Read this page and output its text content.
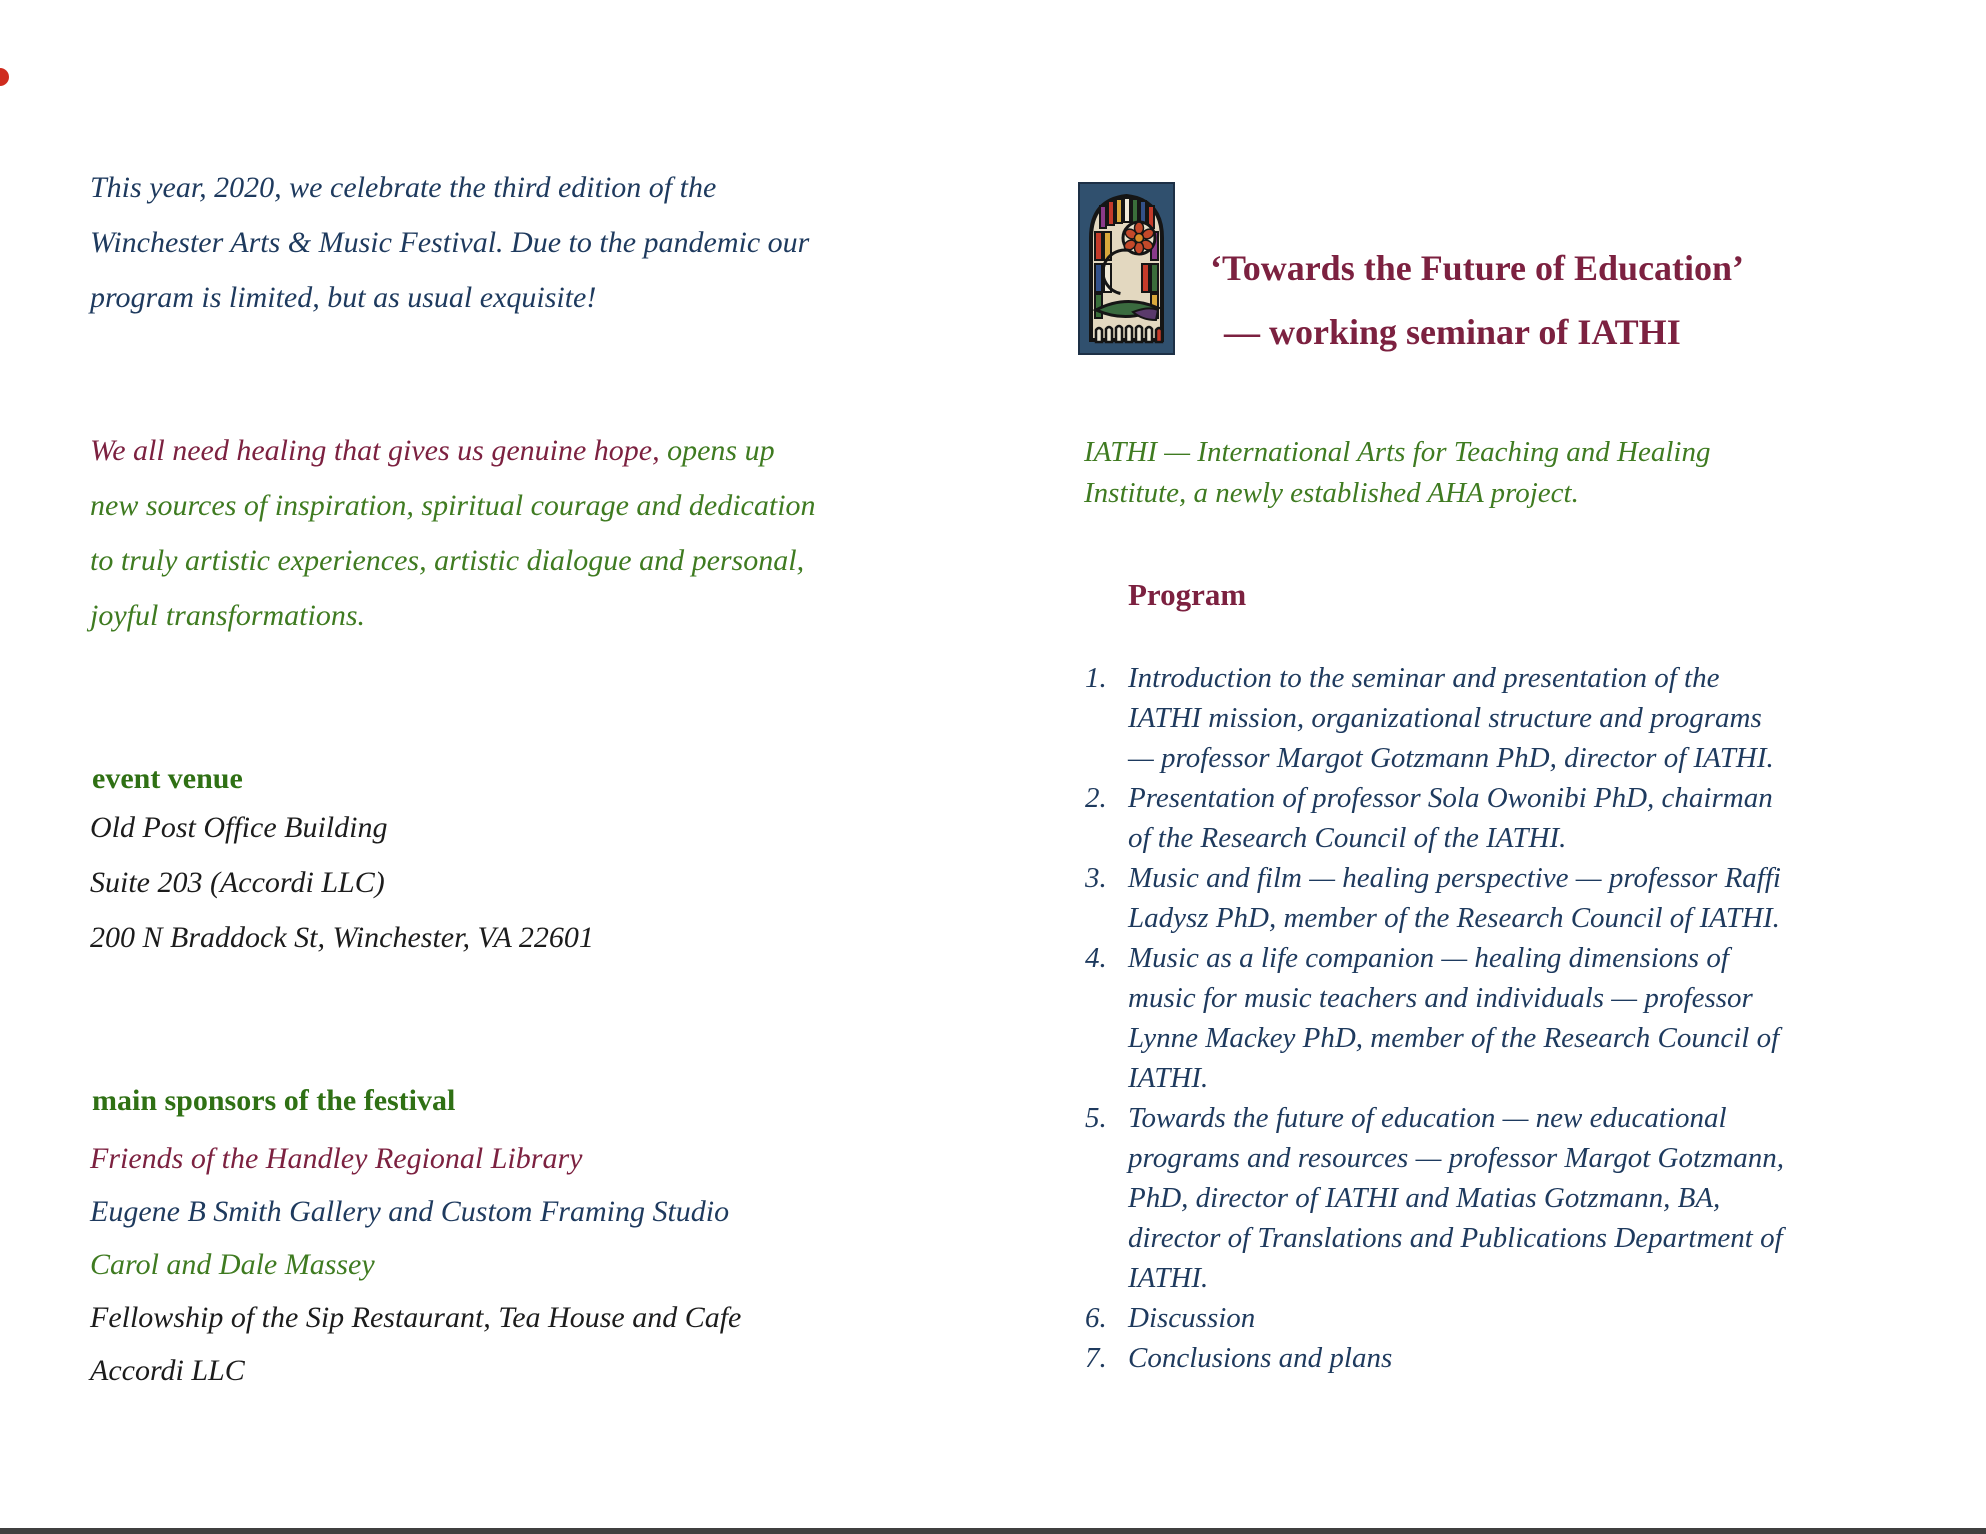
This year, 2020, we celebrate the third edition of the
Winchester Arts & Music Festival. Due to the pandemic our
program is limited, but as usual exquisite!
We all need healing that gives us genuine hope, opens up
new sources of inspiration, spiritual courage and dedication
to truly artistic experiences, artistic dialogue and personal,
joyful transformations.
event venue
Old Post Office Building
Suite 203 (Accordi LLC)
200 N Braddock St, Winchester, VA 22601
main sponsors of the festival
Friends of the Handley Regional Library
Eugene B Smith Gallery and Custom Framing Studio
Carol and Dale Massey
Fellowship of the Sip Restaurant, Tea House and Cafe
Accordi LLC
‘Towards the Future of Education’
— working seminar of IATHI
IATHI — International Arts for Teaching and Healing
Institute, a newly established AHA project.
Program
1. Introduction to the seminar and presentation of the
IATHI mission, organizational structure and programs
— professor Margot Gotzmann PhD, director of IATHI.
2. Presentation of professor Sola Owonibi PhD, chairman
of the Research Council of the IATHI.
3. Music and film — healing perspective — professor Raffi
Ladysz PhD, member of the Research Council of IATHI.
4. Music as a life companion — healing dimensions of
music for music teachers and individuals — professor
Lynne Mackey PhD, member of the Research Council of
IATHI.
5. Towards the future of education — new educational
programs and resources — professor Margot Gotzmann,
PhD, director of IATHI and Matias Gotzmann, BA,
director of Translations and Publications Department of
IATHI.
6. Discussion
7. Conclusions and plans
